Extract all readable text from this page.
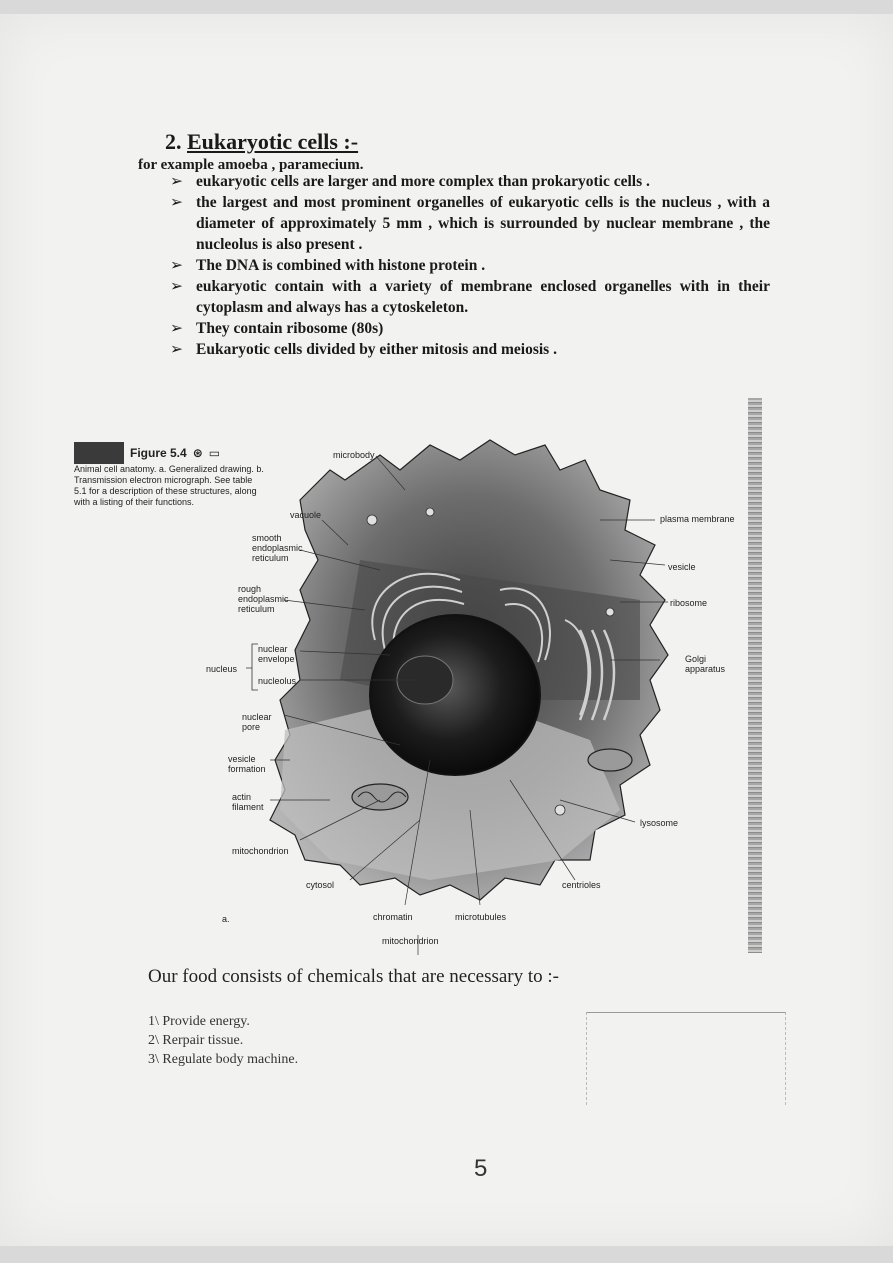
2. Eukaryotic cells :-
for example amoeba , paramecium.
➢ eukaryotic cells are larger and more complex than prokaryotic cells .
➢ the largest and most prominent organelles of eukaryotic cells is the nucleus , with a diameter of approximately 5 mm , which is surrounded by nuclear membrane , the nucleolus is also present .
➢ The DNA is combined with histone protein .
➢ eukaryotic contain with a variety of membrane enclosed organelles with in their cytoplasm and always has a cytoskeleton.
➢ They contain ribosome (80s)
➢ Eukaryotic cells divided by either mitosis and meiosis .
Figure 5.4 ⊛ ▭
Animal cell anatomy. a. Generalized drawing. b. Transmission electron micrograph. See table 5.1 for a description of these structures, along with a listing of their functions.
microbody
vacuole
smooth endoplasmic reticulum
rough endoplasmic reticulum
nucleus
nuclear envelope
nucleolus
nuclear pore
vesicle formation
actin filament
mitochondrion
cytosol
a.	chromatin	microtubules
mitochondrion
centrioles
lysosome
Golgi apparatus
ribosome
vesicle
plasma membrane
Our food consists of chemicals that are necessary to :-
1\ Provide energy.
2\ Rerpair tissue.
3\ Regulate body machine.
5
